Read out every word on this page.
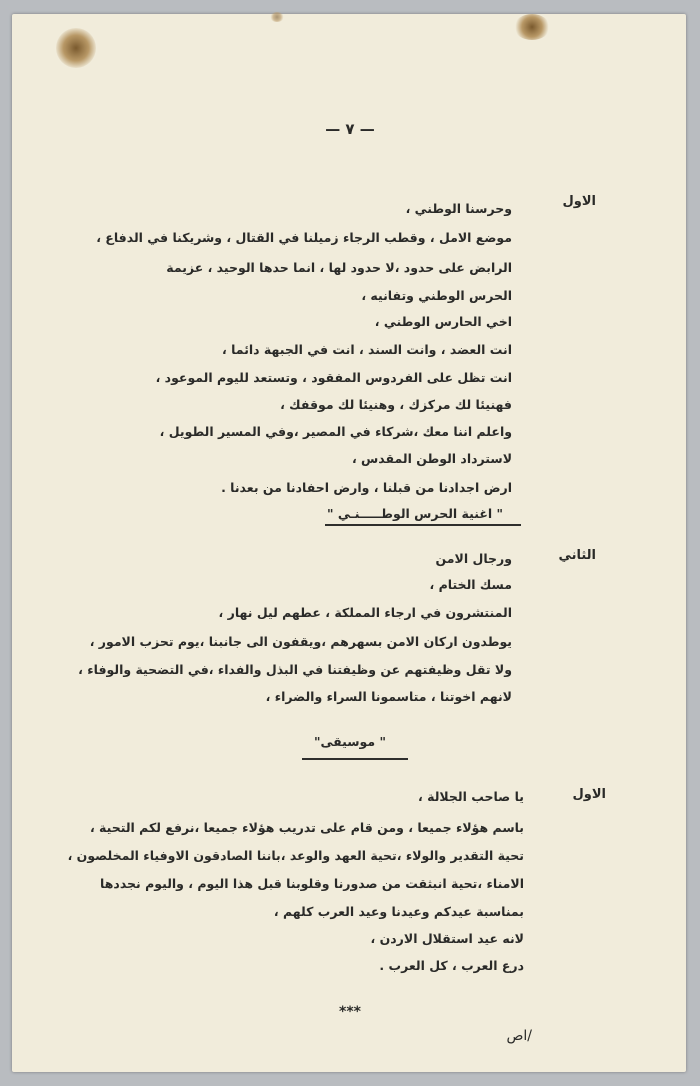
— ٧ —
الاول
وحرسنا الوطني ،
موضع الامل ، وقطب الرجاء زميلنا في القتال ، وشريكنا في الدفاع ،
الرابض على حدود ،لا حدود لها ، انما حدها الوحيد ، عزيمة
الحرس الوطني وتفانيه ،
اخي الحارس الوطني ،
انت العضد ، وانت السند ، انت في الجبهة دائما ،
انت تظل على الفردوس المفقود ، وتستعد لليوم الموعود ،
فهنيئا لك مركزك ، وهنيئا لك موقفك ،
واعلم اننا معك ،شركاء في المصير ،وفي المسير الطويل ،
لاسترداد الوطن المقدس ،
ارض اجدادنا من قبلنا ، وارض احفادنا من بعدنا .
" اغنية الحرس الوطـــــنـي "
الثاني
ورجال الامن
مسك الختام ،
المنتشرون في ارجاء المملكة ، عطهم ليل نهار ،
يوطدون اركان الامن بسهرهم ،ويقفون الى جانبنا ،يوم تحزب الامور ،
ولا تقل وظيفتهم عن وظيفتنا في البذل والفداء ،في التضحية والوفاء ،
لانهم اخوتنا ، متاسمونا السراء والضراء ،
"موسيقى "
الاول
يا صاحب الجلالة ،
باسم هؤلاء جميعا ، ومن قام على تدريب هؤلاء جميعا ،نرفع لكم التحية ،
تحية التقدير والولاء ،تحية العهد والوعد ،باننا الصادقون الاوفياء المخلصون ،
الامناء ،تحية انبثقت من صدورنا وقلوبنا قبل هذا اليوم ، واليوم نجددها
بمناسبة عيدكم وعيدنا وعيد العرب كلهم ،
لانه عيد استقلال الاردن ،
درع العرب ، كل العرب .
***
/اص
